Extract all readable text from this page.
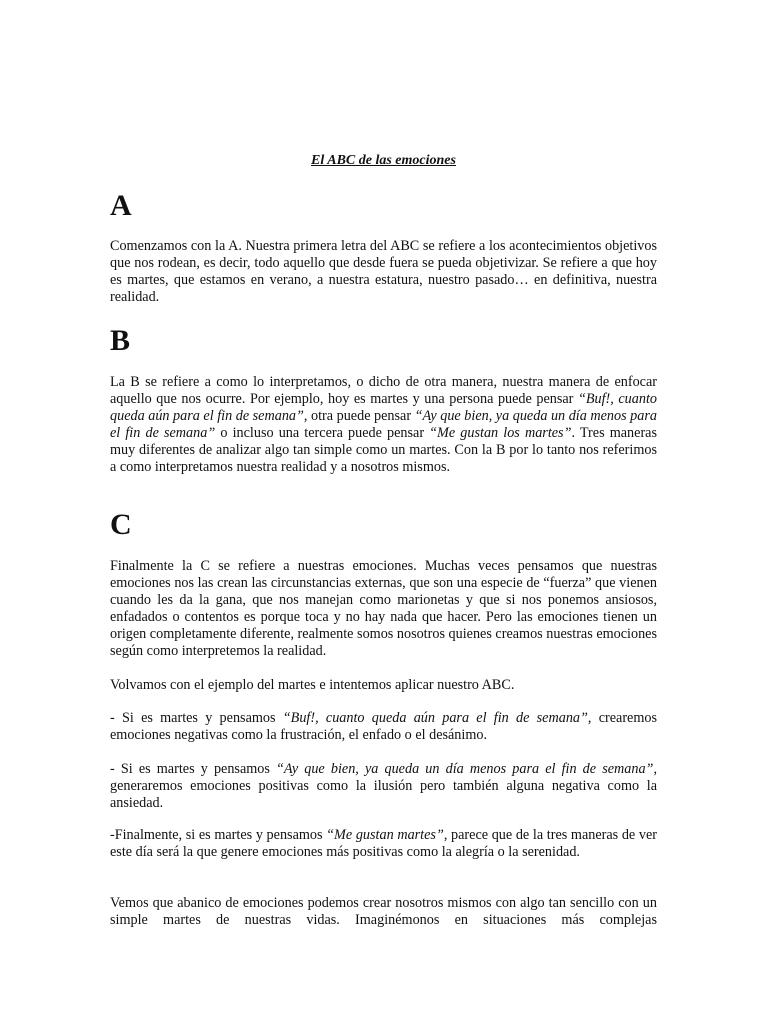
El ABC de las emociones
A

Comenzamos con la A. Nuestra primera letra del ABC se refiere a los acontecimientos objetivos que nos rodean, es decir, todo aquello que desde fuera se pueda objetivizar. Se refiere a que hoy es martes, que estamos en verano, a nuestra estatura, nuestro pasado… en definitiva, nuestra realidad.

B

La B se refiere a como lo interpretamos, o dicho de otra manera, nuestra manera de enfocar aquello que nos ocurre. Por ejemplo, hoy es martes y una persona puede pensar “Buf!, cuanto queda aún para el fin de semana”, otra puede pensar “Ay que bien, ya queda un día menos para el fin de semana” o incluso una tercera puede pensar “Me gustan los martes”. Tres maneras muy diferentes de analizar algo tan simple como un martes. Con la B por lo tanto nos referimos a como interpretamos nuestra realidad y a nosotros mismos.

C

Finalmente la C se refiere a nuestras emociones. Muchas veces pensamos que nuestras emociones nos las crean las circunstancias externas, que son una especie de “fuerza” que vienen cuando les da la gana, que nos manejan como marionetas y que si nos ponemos ansiosos, enfadados o contentos es porque toca y no hay nada que hacer. Pero las emociones tienen un origen completamente diferente, realmente somos nosotros quienes creamos nuestras emociones según como interpretemos la realidad.

Volvamos con el ejemplo del martes e intentemos aplicar nuestro ABC.

- Si es martes y pensamos “Buf!, cuanto queda aún para el fin de semana”, crearemos emociones negativas como la frustración, el enfado o el desánimo.

- Si es martes y pensamos “Ay que bien, ya queda un día menos para el fin de semana”, generaremos emociones positivas como la ilusión pero también alguna negativa como la ansiedad.

-Finalmente, si es martes y pensamos “Me gustan martes”, parece que de la tres maneras de ver este día será la que genere emociones más positivas como la alegría o la serenidad.

Vemos que abanico de emociones podemos crear nosotros mismos con algo tan sencillo con un simple martes de nuestras vidas. Imaginémonos en situaciones más complejas
